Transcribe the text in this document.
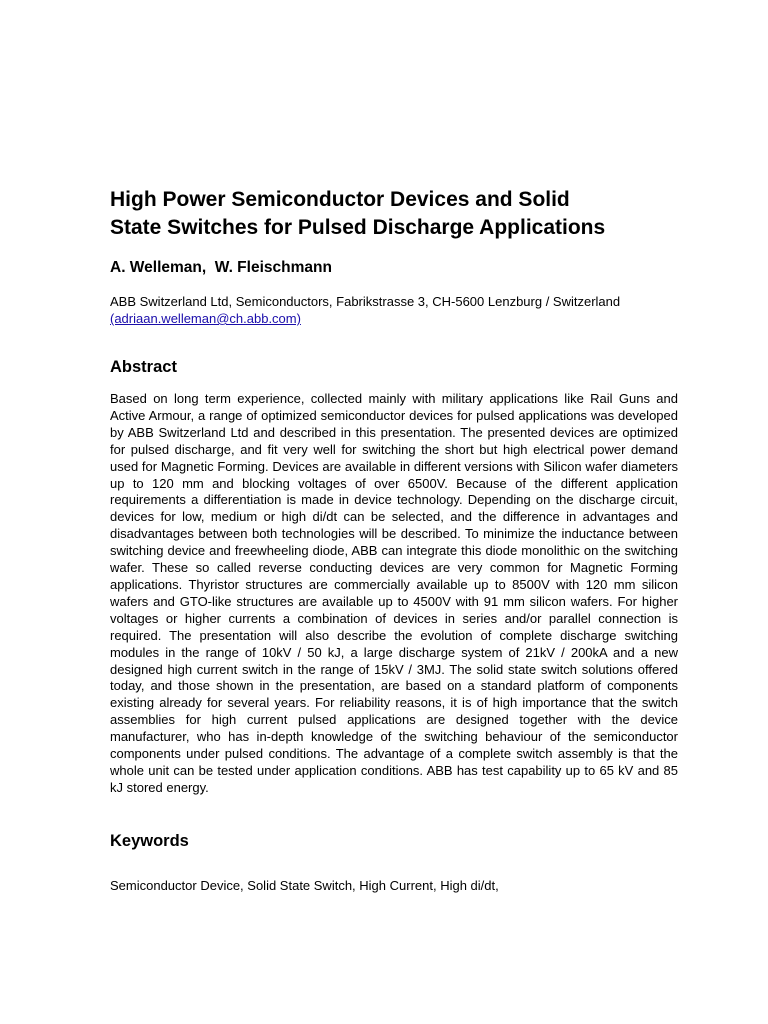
High Power Semiconductor Devices and Solid
State Switches for Pulsed Discharge Applications

A. Welleman,  W. Fleischmann

ABB Switzerland Ltd, Semiconductors, Fabrikstrasse 3, CH-5600 Lenzburg / Switzerland
(adriaan.welleman@ch.abb.com)

Abstract

Based on long term experience, collected mainly with military applications like Rail Guns and Active Armour, a range of optimized semiconductor devices for pulsed applications was developed by ABB Switzerland Ltd and described in this presentation. The presented devices are optimized for pulsed discharge, and fit very well for switching the short but high electrical power demand used for Magnetic Forming. Devices are available in different versions with Silicon wafer diameters up to 120 mm and blocking voltages of over 6500V. Because of the different application requirements a differentiation is made in device technology. Depending on the discharge circuit, devices for low, medium or high di/dt can be selected, and the difference in advantages and disadvantages between both technologies will be described. To minimize the inductance between switching device and freewheeling diode, ABB can integrate this diode monolithic on the switching wafer. These so called reverse conducting devices are very common for Magnetic Forming applications. Thyristor structures are commercially available up to 8500V with 120 mm silicon wafers and GTO-like structures are available up to 4500V with 91 mm silicon wafers. For higher voltages or higher currents a combination of devices in series and/or parallel connection is required. The presentation will also describe the evolution of complete discharge switching modules in the range of 10kV / 50 kJ, a large discharge system of 21kV / 200kA and a new designed high current switch in the range of 15kV / 3MJ. The solid state switch solutions offered today, and those shown in the presentation, are based on a standard platform of components existing already for several years. For reliability reasons, it is of high importance that the switch assemblies for high current pulsed applications are designed together with the device manufacturer, who has in-depth knowledge of the switching behaviour of the semiconductor components under pulsed conditions. The advantage of a complete switch assembly is that the whole unit can be tested under application conditions. ABB has test capability up to 65 kV and 85 kJ stored energy.

Keywords

Semiconductor Device, Solid State Switch, High Current, High di/dt,
